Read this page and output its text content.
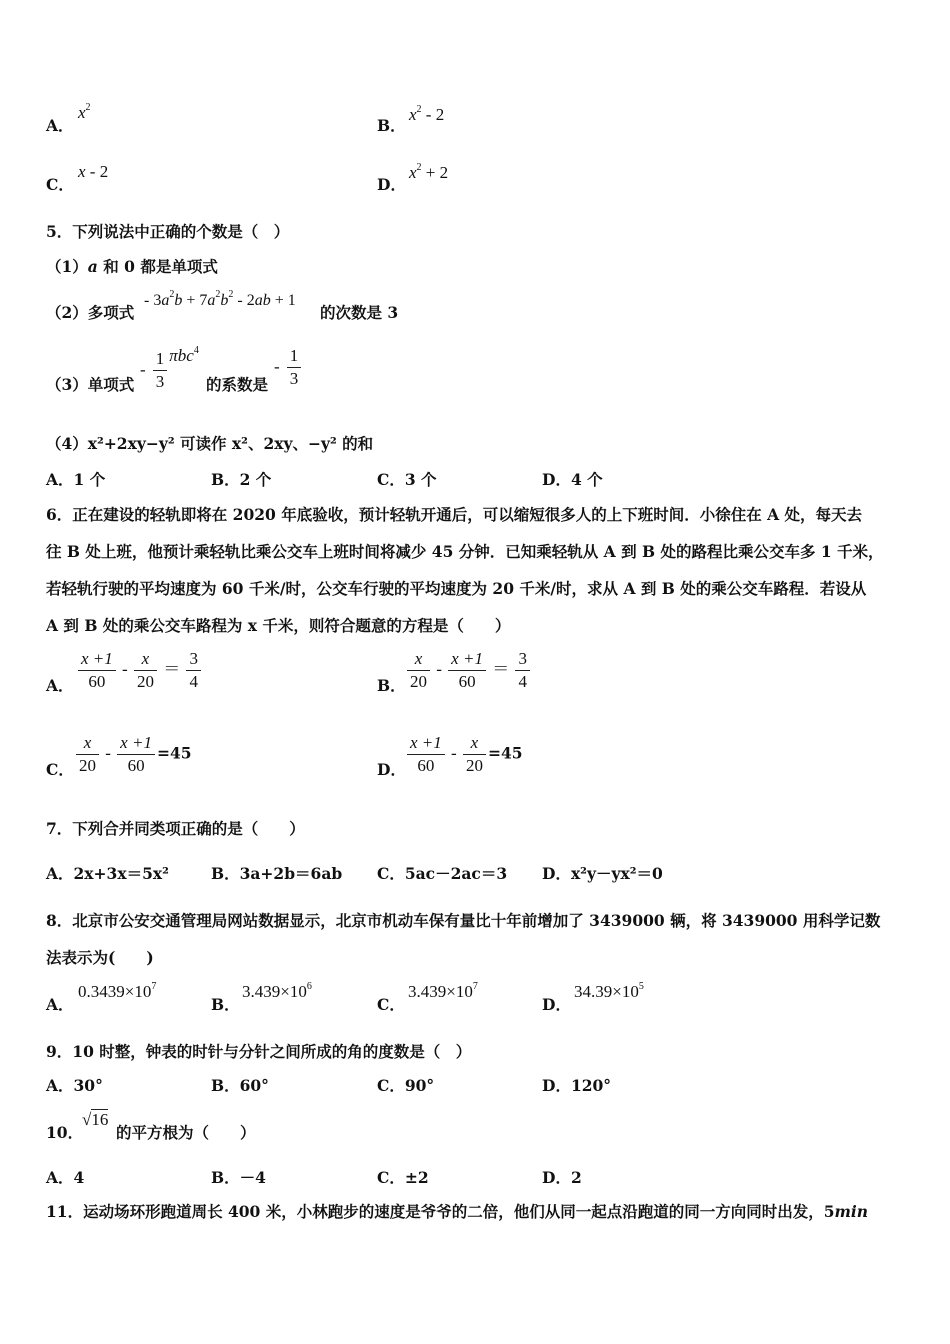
A．
$x^2$
B．
$x^2 - 2$
C．
x - 2
D．
$x^2 + 2$
5．下列说法中正确的个数是（　）
（1）a 和 0 都是单项式
（2）多项式
- $3a^2b + 7a^2b^2 - 2ab + 1$
的次数是 3
（3）单项式
- $\frac{1}{3} \pi bc^4$
的系数是
- $\frac{1}{3}$
（4）x²+2xy−y² 可读作 x²、2xy、−y² 的和
A．1 个	B．2 个	C．3 个	D．4 个
6．正在建设的轻轨即将在 2020 年底验收，预计轻轨开通后，可以缩短很多人的上下班时间．小徐住在 A 处，每天去
往 B 处上班，他预计乘轻轨比乘公交车上班时间将减少 45 分钟．已知乘轻轨从 A 到 B 处的路程比乘公交车多 1 千米，
若轻轨行驶的平均速度为 60 千米/时，公交车行驶的平均速度为 20 千米/时，求从 A 到 B 处的乘公交车路程．若设从
A 到 B 处的乘公交车路程为 x 千米，则符合题意的方程是（　　）
A． $\frac{x +1}{60} - \frac{x}{20} = \frac{3}{4}$	B． $\frac{x}{20} - \frac{x +1}{60} = \frac{3}{4}$
C． $\frac{x}{20} - \frac{x +1}{60} =45$
D． $\frac{x +1}{60} - \frac{x}{20} =45$
7．下列合并同类项正确的是（　　）
A．2x+3x＝5x²	B．3a+2b＝6ab C．5ac－2ac＝3 D．x²y－yx²＝0
8．北京市公安交通管理局网站数据显示，北京市机动车保有量比十年前增加了 3439000 辆，将 3439000 用科学记数
法表示为(　　)
A．
$0.3439\times 10^7$
B．
$3.439\times 10^6$
C．
$3.439\times 10^7$
D．
$34.39\times 10^5$
9．10 时整，钟表的时针与分针之间所成的角的度数是（　）
A．30°	B．60°	C．90°	D．120°
10．
√16
的平方根为（　　）
A．4	B．－4	C．±2	D．2
11．运动场环形跑道周长 400 米，小林跑步的速度是爷爷的二倍，他们从同一起点沿跑道的同一方向同时出发，5min
